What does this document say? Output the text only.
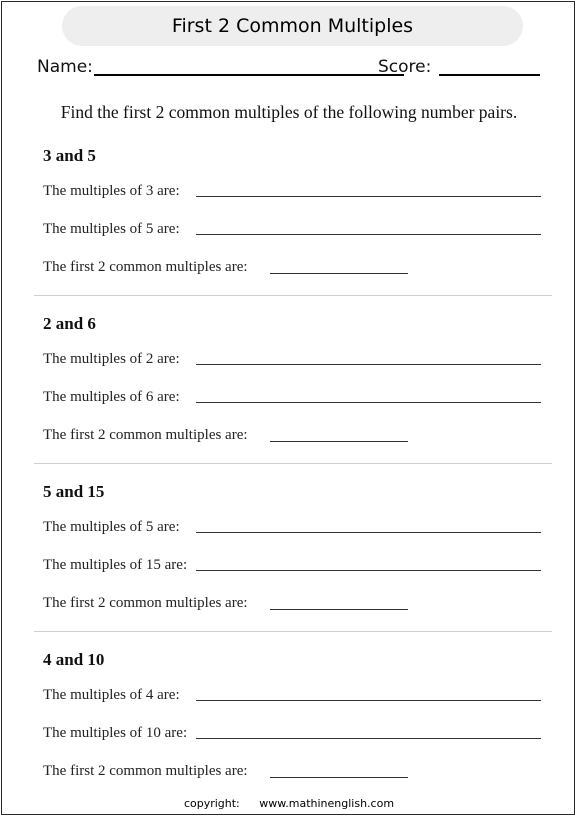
First 2 Common Multiples
Name:	Score:
Find the first 2 common multiples of the following number pairs.
3 and 5
The multiples of 3 are:
The multiples of 5 are:
The first 2 common multiples are:
2 and 6
The multiples of 2 are:
The multiples of 6 are:
The first 2 common multiples are:
5 and 15
The multiples of 5 are:
The multiples of 15 are:
The first 2 common multiples are:
4 and 10
The multiples of 4 are:
The multiples of 10 are:
The first 2 common multiples are:
copyright: www.mathinenglish.com
